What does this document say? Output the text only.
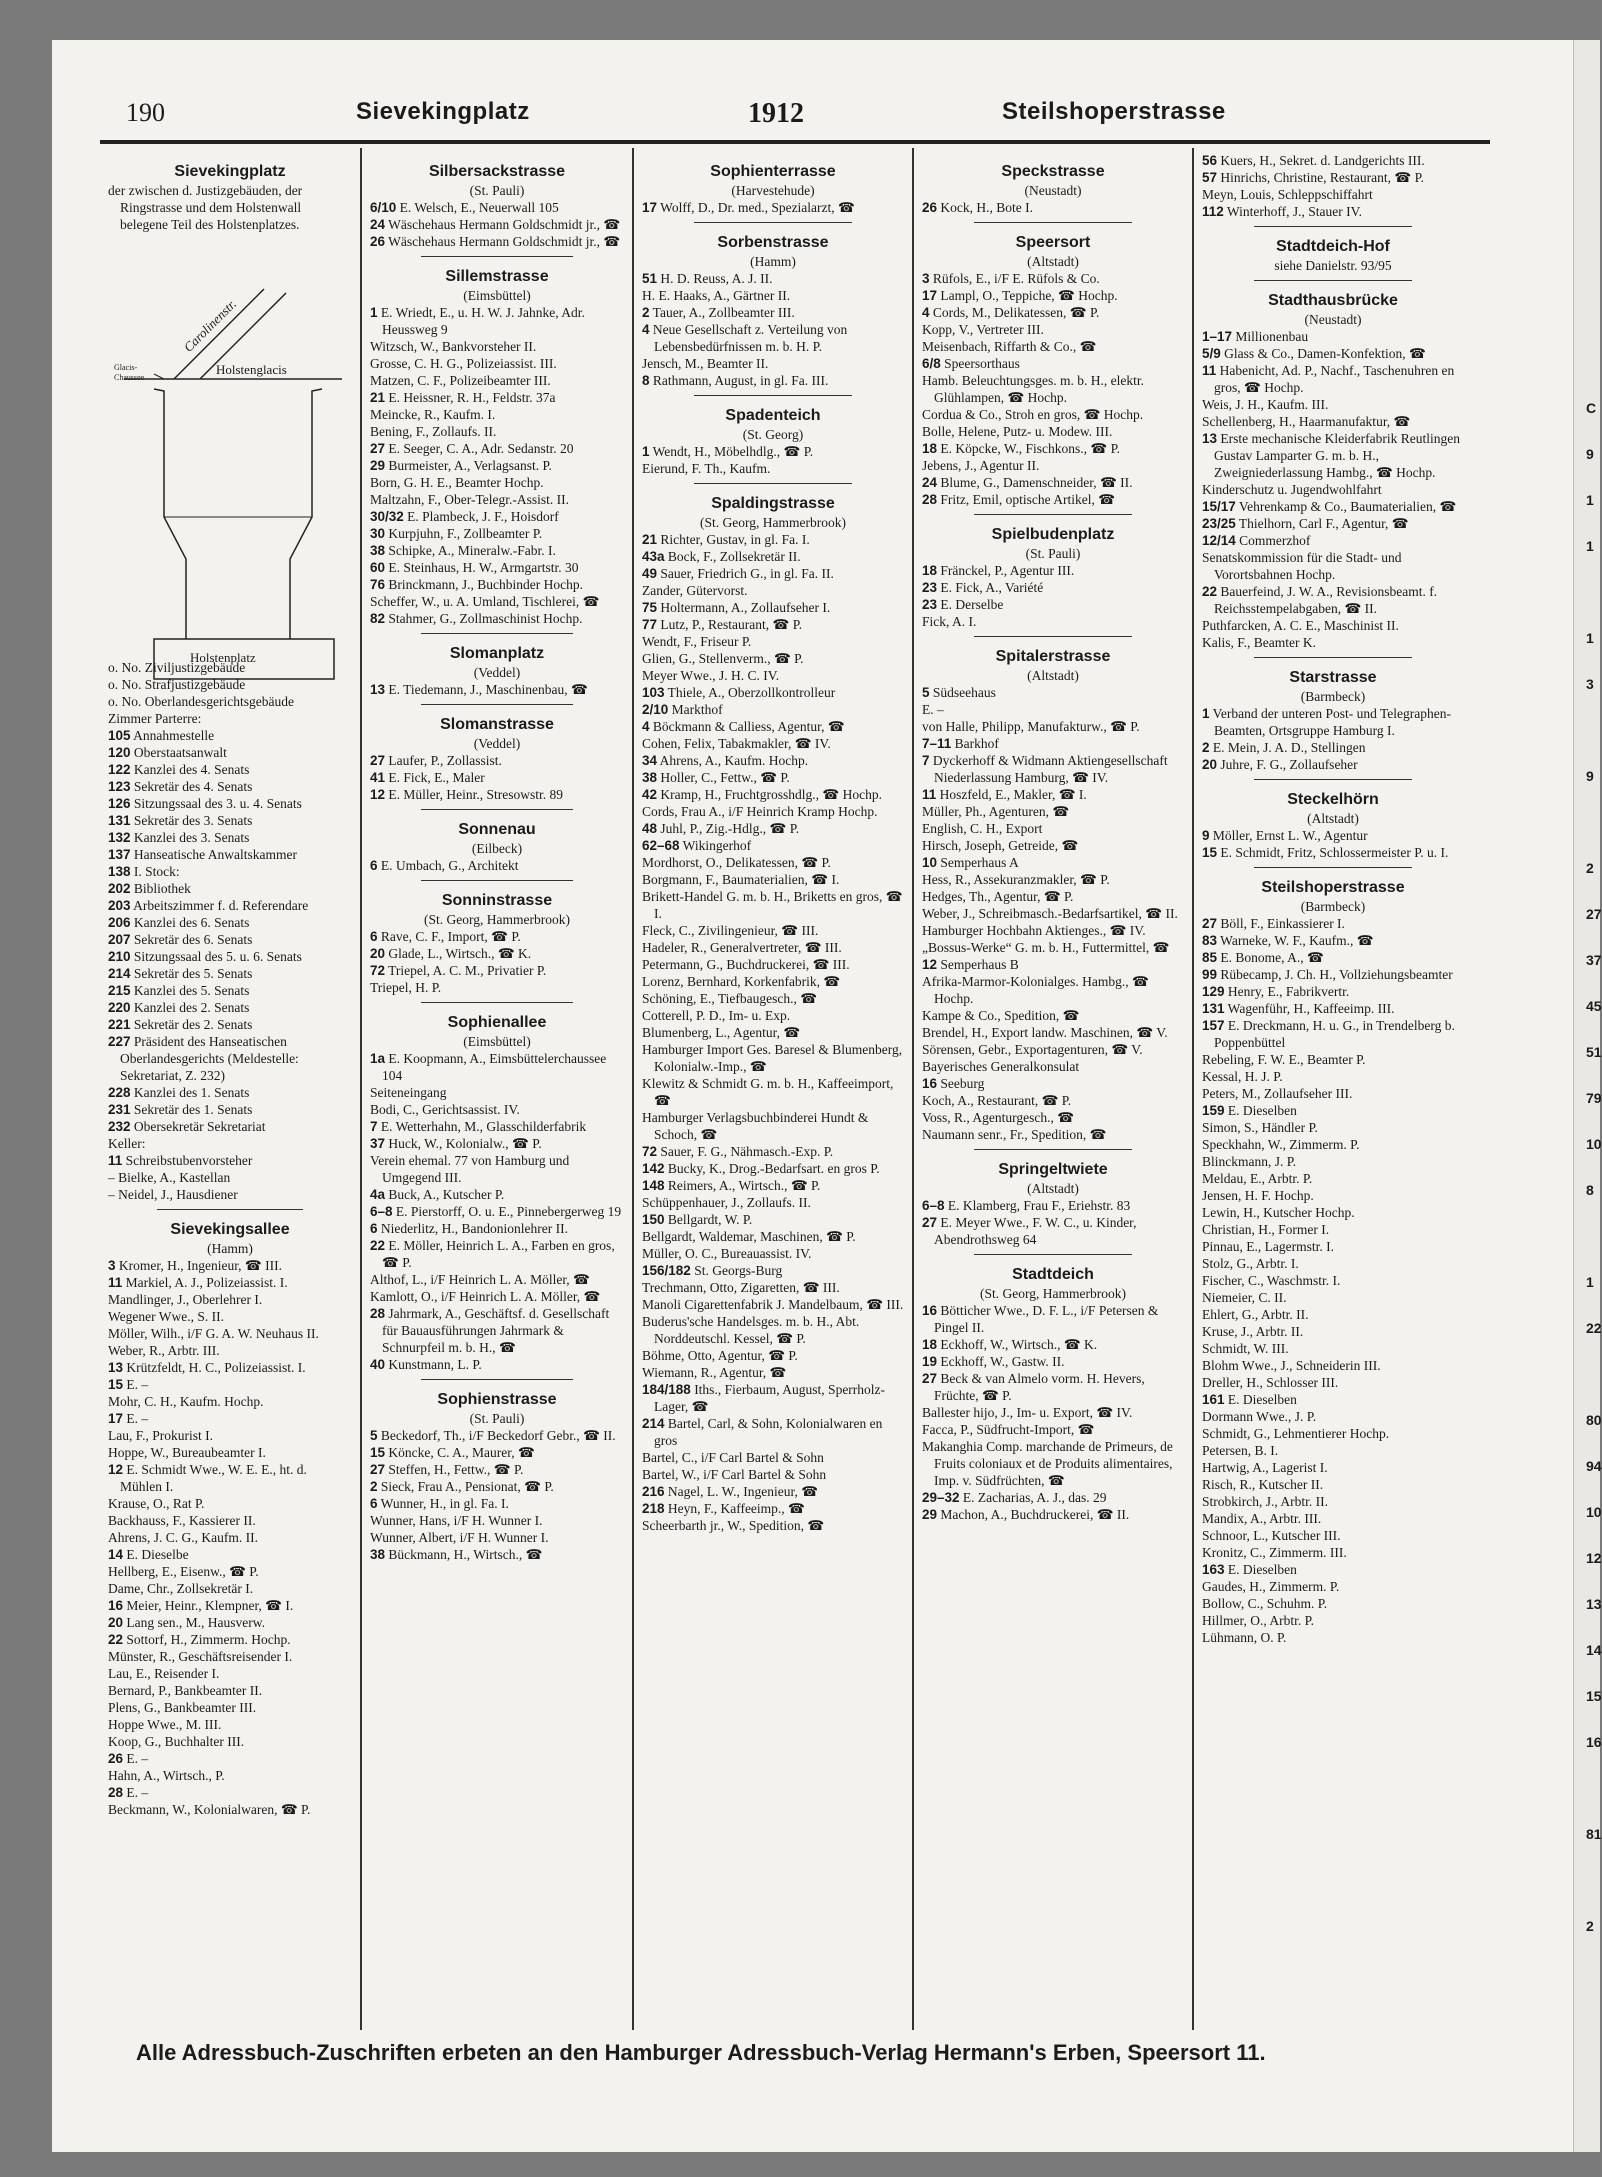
190	Sievekingplatz	1912	Steilshoperstrasse
Sievekingplatz
der zwischen d. Justizgebäuden, der Ringstrasse und dem Holstenwall belegene Teil des Holstenplatzes.
Carolinenstr.
Holstenglacis
Glacis-Chaussee
Holstenplatz
o. No. Ziviljustizgebäude
o. No. Strafjustizgebäude
o. No. Oberlandesgerichtsgebäude
Zimmer Parterre:
105 Annahmestelle
120 Oberstaatsanwalt
122 Kanzlei des 4. Senats
123 Sekretär des 4. Senats
126 Sitzungssaal des 3. u. 4. Senats
131 Sekretär des 3. Senats
132 Kanzlei des 3. Senats
137 Hanseatische Anwaltskammer
138 I. Stock:
202 Bibliothek
203 Arbeitszimmer f. d. Referendare
206 Kanzlei des 6. Senats
207 Sekretär des 6. Senats
210 Sitzungssaal des 5. u. 6. Senats
214 Sekretär des 5. Senats
215 Kanzlei des 5. Senats
220 Kanzlei des 2. Senats
221 Sekretär des 2. Senats
227 Präsident des Hanseatischen Oberlandesgerichts (Meldestelle: Sekretariat, Z. 232)
228 Kanzlei des 1. Senats
231 Sekretär des 1. Senats
232 Obersekretär Sekretariat
Keller:
11 Schreibstubenvorsteher
– Bielke, A., Kastellan
– Neidel, J., Hausdiener
Sievekingsallee
(Hamm)
3 Kromer, H., Ingenieur, ☎ III.
11 Markiel, A. J., Polizeiassist. I.
Mandlinger, J., Oberlehrer I.
Wegener Wwe., S. II.
Möller, Wilh., i/F G. A. W. Neuhaus II.
Weber, R., Arbtr. III.
13 Krützfeldt, H. C., Polizeiassist. I.
15 E. –
Mohr, C. H., Kaufm. Hochp.
17 E. –
Lau, F., Prokurist I.
Hoppe, W., Bureaubeamter I.
12 E. Schmidt Wwe., W. E. E., ht. d. Mühlen I.
Krause, O., Rat P.
Backhauss, F., Kassierer II.
Ahrens, J. C. G., Kaufm. II.
14 E. Dieselbe
Hellberg, E., Eisenw., ☎ P.
Dame, Chr., Zollsekretär I.
16 Meier, Heinr., Klempner, ☎ I.
20 Lang sen., M., Hausverw.
22 Sottorf, H., Zimmerm. Hochp.
Münster, R., Geschäftsreisender I.
Lau, E., Reisender I.
Bernard, P., Bankbeamter II.
Plens, G., Bankbeamter III.
Hoppe Wwe., M. III.
Koop, G., Buchhalter III.
26 E. –
Hahn, A., Wirtsch., P.
28 E. –
Beckmann, W., Kolonialwaren, ☎ P.
Silbersackstrasse
(St. Pauli)
6/10 E. Welsch, E., Neuerwall 105
24 Wäschehaus Hermann Goldschmidt jr., ☎
26 Wäschehaus Hermann Goldschmidt jr., ☎
Sillemstrasse
(Eimsbüttel)
1 E. Wriedt, E., u. H. W. J. Jahnke, Adr. Heussweg 9
Witzsch, W., Bankvorsteher II.
Grosse, C. H. G., Polizeiassist. III.
Matzen, C. F., Polizeibeamter III.
21 E. Heissner, R. H., Feldstr. 37a
Meincke, R., Kaufm. I.
Bening, F., Zollaufs. II.
27 E. Seeger, C. A., Adr. Sedanstr. 20
29 Burmeister, A., Verlagsanst. P.
Born, G. H. E., Beamter Hochp.
Maltzahn, F., Ober-Telegr.-Assist. II.
30/32 E. Plambeck, J. F., Hoisdorf
30 Kurpjuhn, F., Zollbeamter P.
38 Schipke, A., Mineralw.-Fabr. I.
60 E. Steinhaus, H. W., Armgartstr. 30
76 Brinckmann, J., Buchbinder Hochp.
Scheffer, W., u. A. Umland, Tischlerei, ☎
82 Stahmer, G., Zollmaschinist Hochp.
Slomanplatz
(Veddel)
13 E. Tiedemann, J., Maschinenbau, ☎
Slomanstrasse
(Veddel)
27 Laufer, P., Zollassist.
41 E. Fick, E., Maler
12 E. Müller, Heinr., Stresowstr. 89
Sonnenau
(Eilbeck)
6 E. Umbach, G., Architekt
Sonninstrasse
(St. Georg, Hammerbrook)
6 Rave, C. F., Import, ☎ P.
20 Glade, L., Wirtsch., ☎ K.
72 Triepel, A. C. M., Privatier P.
Triepel, H. P.
Sophienallee
(Eimsbüttel)
1a E. Koopmann, A., Eimsbüttelerchaussee 104
Seiteneingang
Bodi, C., Gerichtsassist. IV.
7 E. Wetterhahn, M., Glasschilderfabrik
37 Huck, W., Kolonialw., ☎ P.
Verein ehemal. 77 von Hamburg und Umgegend III.
4a Buck, A., Kutscher P.
6–8 E. Pierstorff, O. u. E., Pinnebergerweg 19
6 Niederlitz, H., Bandonionlehrer II.
22 E. Möller, Heinrich L. A., Farben en gros, ☎ P.
Althof, L., i/F Heinrich L. A. Möller, ☎
Kamlott, O., i/F Heinrich L. A. Möller, ☎
28 Jahrmark, A., Geschäftsf. d. Gesellschaft für Bauausführungen Jahrmark & Schnurpfeil m. b. H., ☎
40 Kunstmann, L. P.
Sophienstrasse
(St. Pauli)
5 Beckedorf, Th., i/F Beckedorf Gebr., ☎ II.
15 Köncke, C. A., Maurer, ☎
27 Steffen, H., Fettw., ☎ P.
2 Sieck, Frau A., Pensionat, ☎ P.
6 Wunner, H., in gl. Fa. I.
Wunner, Hans, i/F H. Wunner I.
Wunner, Albert, i/F H. Wunner I.
38 Bückmann, H., Wirtsch., ☎
Sophienterrasse
(Harvestehude)
17 Wolff, D., Dr. med., Spezialarzt, ☎
Sorbenstrasse
(Hamm)
51 H. D. Reuss, A. J. II.
H. E. Haaks, A., Gärtner II.
2 Tauer, A., Zollbeamter III.
4 Neue Gesellschaft z. Verteilung von Lebensbedürfnissen m. b. H. P.
Jensch, M., Beamter II.
8 Rathmann, August, in gl. Fa. III.
Spadenteich
(St. Georg)
1 Wendt, H., Möbelhdlg., ☎ P.
Eierund, F. Th., Kaufm.
Spaldingstrasse
(St. Georg, Hammerbrook)
21 Richter, Gustav, in gl. Fa. I.
43a Bock, F., Zollsekretär II.
49 Sauer, Friedrich G., in gl. Fa. II.
Zander, Gütervorst.
75 Holtermann, A., Zollaufseher I.
77 Lutz, P., Restaurant, ☎ P.
Wendt, F., Friseur P.
Glien, G., Stellenverm., ☎ P.
Meyer Wwe., J. H. C. IV.
103 Thiele, A., Oberzollkontrolleur
2/10 Markthof
4 Böckmann & Calliess, Agentur, ☎
Cohen, Felix, Tabakmakler, ☎ IV.
34 Ahrens, A., Kaufm. Hochp.
38 Holler, C., Fettw., ☎ P.
42 Kramp, H., Fruchtgrosshdlg., ☎ Hochp.
Cords, Frau A., i/F Heinrich Kramp Hochp.
48 Juhl, P., Zig.-Hdlg., ☎ P.
62–68 Wikingerhof
Mordhorst, O., Delikatessen, ☎ P.
Borgmann, F., Baumaterialien, ☎ I.
Brikett-Handel G. m. b. H., Briketts en gros, ☎ I.
Fleck, C., Zivilingenieur, ☎ III.
Hadeler, R., Generalvertreter, ☎ III.
Petermann, G., Buchdruckerei, ☎ III.
Lorenz, Bernhard, Korkenfabrik, ☎
Schöning, E., Tiefbaugesch., ☎
Cotterell, P. D., Im- u. Exp.
Blumenberg, L., Agentur, ☎
Hamburger Import Ges. Baresel & Blumenberg, Kolonialw.-Imp., ☎
Klewitz & Schmidt G. m. b. H., Kaffeeimport, ☎
Hamburger Verlagsbuchbinderei Hundt & Schoch, ☎
72 Sauer, F. G., Nähmasch.-Exp. P.
142 Bucky, K., Drog.-Bedarfsart. en gros P.
148 Reimers, A., Wirtsch., ☎ P.
Schüppenhauer, J., Zollaufs. II.
150 Bellgardt, W. P.
Bellgardt, Waldemar, Maschinen, ☎ P.
Müller, O. C., Bureauassist. IV.
156/182 St. Georgs-Burg
Trechmann, Otto, Zigaretten, ☎ III.
Manoli Cigarettenfabrik J. Mandelbaum, ☎ III.
Buderus'sche Handelsges. m. b. H., Abt. Norddeutschl. Kessel, ☎ P.
Böhme, Otto, Agentur, ☎ P.
Wiemann, R., Agentur, ☎
184/188 Iths., Fierbaum, August, Sperrholz-Lager, ☎
214 Bartel, Carl, & Sohn, Kolonialwaren en gros
Bartel, C., i/F Carl Bartel & Sohn
Bartel, W., i/F Carl Bartel & Sohn
216 Nagel, L. W., Ingenieur, ☎
218 Heyn, F., Kaffeeimp., ☎
Scheerbarth jr., W., Spedition, ☎
Speckstrasse
(Neustadt)
26 Kock, H., Bote I.
Speersort
(Altstadt)
3 Rüfols, E., i/F E. Rüfols & Co.
17 Lampl, O., Teppiche, ☎ Hochp.
4 Cords, M., Delikatessen, ☎ P.
Kopp, V., Vertreter III.
Meisenbach, Riffarth & Co., ☎
6/8 Speersorthaus
Hamb. Beleuchtungsges. m. b. H., elektr. Glühlampen, ☎ Hochp.
Cordua & Co., Stroh en gros, ☎ Hochp.
Bolle, Helene, Putz- u. Modew. III.
18 E. Köpcke, W., Fischkons., ☎ P.
Jebens, J., Agentur II.
24 Blume, G., Damenschneider, ☎ II.
28 Fritz, Emil, optische Artikel, ☎
Spielbudenplatz
(St. Pauli)
18 Fränckel, P., Agentur III.
23 E. Fick, A., Variété
23 E. Derselbe
Fick, A. I.
Spitalerstrasse
(Altstadt)
5 Südseehaus
E. –
von Halle, Philipp, Manufakturw., ☎ P.
7–11 Barkhof
7 Dyckerhoff & Widmann Aktiengesellschaft Niederlassung Hamburg, ☎ IV.
11 Hoszfeld, E., Makler, ☎ I.
Müller, Ph., Agenturen, ☎
English, C. H., Export
Hirsch, Joseph, Getreide, ☎
10 Semperhaus A
Hess, R., Assekuranzmakler, ☎ P.
Hedges, Th., Agentur, ☎ P.
Weber, J., Schreibmasch.-Bedarfsartikel, ☎ II.
Hamburger Hochbahn Aktienges., ☎ IV.
„Bossus-Werke“ G. m. b. H., Futtermittel, ☎
12 Semperhaus B
Afrika-Marmor-Kolonialges. Hambg., ☎ Hochp.
Kampe & Co., Spedition, ☎
Brendel, H., Export landw. Maschinen, ☎ V.
Sörensen, Gebr., Exportagenturen, ☎ V.
Bayerisches Generalkonsulat
16 Seeburg
Koch, A., Restaurant, ☎ P.
Voss, R., Agenturgesch., ☎
Naumann senr., Fr., Spedition, ☎
Springeltwiete
(Altstadt)
6–8 E. Klamberg, Frau F., Eriehstr. 83
27 E. Meyer Wwe., F. W. C., u. Kinder, Abendrothsweg 64
Stadtdeich
(St. Georg, Hammerbrook)
16 Bötticher Wwe., D. F. L., i/F Petersen & Pingel II.
18 Eckhoff, W., Wirtsch., ☎ K.
19 Eckhoff, W., Gastw. II.
27 Beck & van Almelo vorm. H. Hevers, Früchte, ☎ P.
Ballester hijo, J., Im- u. Export, ☎ IV.
Facca, P., Südfrucht-Import, ☎
Makanghia Comp. marchande de Primeurs, de Fruits coloniaux et de Produits alimentaires, Imp. v. Südfrüchten, ☎
29–32 E. Zacharias, A. J., das. 29
29 Machon, A., Buchdruckerei, ☎ II.
56 Kuers, H., Sekret. d. Landgerichts III.
57 Hinrichs, Christine, Restaurant, ☎ P.
Meyn, Louis, Schleppschiffahrt
112 Winterhoff, J., Stauer IV.
Stadtdeich-Hof
siehe Danielstr. 93/95
Stadthausbrücke
(Neustadt)
1–17 Millionenbau
5/9 Glass & Co., Damen-Konfektion, ☎
11 Habenicht, Ad. P., Nachf., Taschenuhren en gros, ☎ Hochp.
Weis, J. H., Kaufm. III.
Schellenberg, H., Haarmanufaktur, ☎
13 Erste mechanische Kleiderfabrik Reutlingen Gustav Lamparter G. m. b. H., Zweigniederlassung Hambg., ☎ Hochp.
Kinderschutz u. Jugendwohlfahrt
15/17 Vehrenkamp & Co., Baumaterialien, ☎
23/25 Thielhorn, Carl F., Agentur, ☎
12/14 Commerzhof
Senatskommission für die Stadt- und Vorortsbahnen Hochp.
22 Bauerfeind, J. W. A., Revisionsbeamt. f. Reichsstempelabgaben, ☎ II.
Puthfarcken, A. C. E., Maschinist II.
Kalis, F., Beamter K.
Starstrasse
(Barmbeck)
1 Verband der unteren Post- und Telegraphen-Beamten, Ortsgruppe Hamburg I.
2 E. Mein, J. A. D., Stellingen
20 Juhre, F. G., Zollaufseher
Steckelhörn
(Altstadt)
9 Möller, Ernst L. W., Agentur
15 E. Schmidt, Fritz, Schlossermeister P. u. I.
Steilshoperstrasse
(Barmbeck)
27 Böll, F., Einkassierer I.
83 Warneke, W. F., Kaufm., ☎
85 E. Bonome, A., ☎
99 Rübecamp, J. Ch. H., Vollziehungsbeamter
129 Henry, E., Fabrikvertr.
131 Wagenführ, H., Kaffeeimp. III.
157 E. Dreckmann, H. u. G., in Trendelberg b. Poppenbüttel
Rebeling, F. W. E., Beamter P.
Kessal, H. J. P.
Peters, M., Zollaufseher III.
159 E. Dieselben
Simon, S., Händler P.
Speckhahn, W., Zimmerm. P.
Blinckmann, J. P.
Meldau, E., Arbtr. P.
Jensen, H. F. Hochp.
Lewin, H., Kutscher Hochp.
Christian, H., Former I.
Pinnau, E., Lagermstr. I.
Stolz, G., Arbtr. I.
Fischer, C., Waschmstr. I.
Niemeier, C. II.
Ehlert, G., Arbtr. II.
Kruse, J., Arbtr. II.
Schmidt, W. III.
Blohm Wwe., J., Schneiderin III.
Dreller, H., Schlosser III.
161 E. Dieselben
Dormann Wwe., J. P.
Schmidt, G., Lehmentierer Hochp.
Petersen, B. I.
Hartwig, A., Lagerist I.
Risch, R., Kutscher II.
Strobkirch, J., Arbtr. II.
Mandix, A., Arbtr. III.
Schnoor, L., Kutscher III.
Kronitz, C., Zimmerm. III.
163 E. Dieselben
Gaudes, H., Zimmerm. P.
Bollow, C., Schuhm. P.
Hillmer, O., Arbtr. P.
Lühmann, O. P.
C
9
1
1
1
3
9
2
27
37
45
51
79
10
8
1
22
80
94
10
12
13
14
15
16
81
2
Alle Adressbuch-Zuschriften erbeten an den Hamburger Adressbuch-Verlag Hermann's Erben, Speersort 11.
